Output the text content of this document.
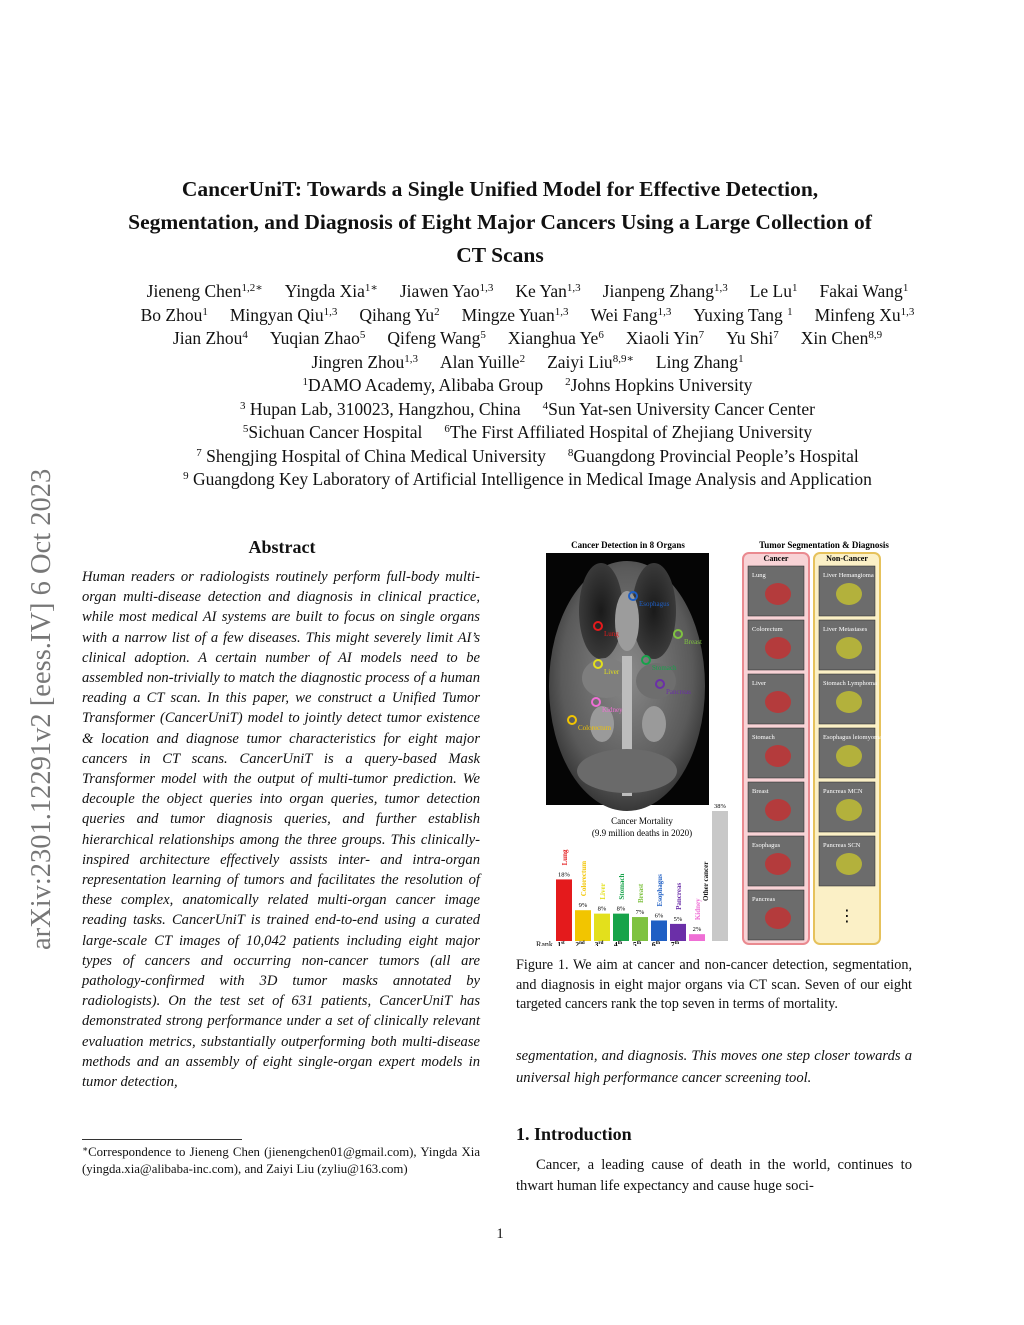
arXiv:2301.12291v2 [eess.IV] 6 Oct 2023
CancerUniT: Towards a Single Unified Model for Effective Detection,
Segmentation, and Diagnosis of Eight Major Cancers Using a Large Collection of
CT Scans
Jieneng Chen$^{1,2∗}$ Yingda Xia$^{1∗}$ Jiawen Yao$^{1,3}$ Ke Yan$^{1,3}$ Jianpeng Zhang$^{1,3}$ Le Lu$^1$ Fakai Wang$^1$
Bo Zhou$^1$ Mingyan Qiu$^{1,3}$ Qihang Yu$^2$ Mingze Yuan$^{1,3}$ Wei Fang$^{1,3}$ Yuxing Tang $^1$ Minfeng Xu$^{1,3}$
Jian Zhou$^4$ Yuqian Zhao$^5$ Qifeng Wang$^5$ Xianghua Ye$^6$ Xiaoli Yin$^7$ Yu Shi$^7$ Xin Chen$^{8,9}$
Jingren Zhou$^{1,3}$ Alan Yuille$^2$ Zaiyi Liu$^{8,9∗}$ Ling Zhang$^1$
$^1$DAMO Academy, Alibaba Group $^2$Johns Hopkins University
$^3$ Hupan Lab, 310023, Hangzhou, China $^4$Sun Yat-sen University Cancer Center
$^5$Sichuan Cancer Hospital $^6$The First Affiliated Hospital of Zhejiang University
$^7$ Shengjing Hospital of China Medical University $^8$Guangdong Provincial People’s Hospital
$^9$ Guangdong Key Laboratory of Artificial Intelligence in Medical Image Analysis and Application
Abstract
Human readers or radiologists routinely perform full-body multi-organ multi-disease detection and diagnosis in clinical practice, while most medical AI systems are built to focus on single organs with a narrow list of a few diseases. This might severely limit AI’s clinical adoption. A certain number of AI models need to be assembled non-trivially to match the diagnostic process of a human reading a CT scan. In this paper, we construct a Unified Tumor Transformer (CancerUniT) model to jointly detect tumor existence & location and diagnose tumor characteristics for eight major cancers in CT scans. CancerUniT is a query-based Mask Transformer model with the output of multi-tumor prediction. We decouple the object queries into organ queries, tumor detection queries and tumor diagnosis queries, and further establish hierarchical relationships among the three groups. This clinically-inspired architecture effectively assists inter- and intra-organ representation learning of tumors and facilitates the resolution of these complex, anatomically related multi-organ cancer image reading tasks. CancerUniT is trained end-to-end using a curated large-scale CT images of 10,042 patients including eight major types of cancers and occurring non-cancer tumors (all are pathology-confirmed with 3D tumor masks annotated by radiologists). On the test set of 631 patients, CancerUniT has demonstrated strong performance under a set of clinically relevant evaluation metrics, substantially outperforming both multi-disease methods and an assembly of eight single-organ expert models in tumor detection,
∗Correspondence to Jieneng Chen (jienengchen01@gmail.com), Yingda Xia (yingda.xia@alibaba-inc.com), and Zaiyi Liu (zyliu@163.com)
Cancer Detection in 8 Organs
Esophagus
Lung
Breast
Stomach
Liver
Pancreas
Kidney
Colorectum
Tumor Segmentation & Diagnosis
Cancer	Non-Cancer
Lung
Colorectum
Liver
Stomach
Breast
Esophagus
Pancreas
Liver Hemangioma
Liver Metastases
Stomach Lymphoma
Esophagus leiomyoma
Pancreas MCN
Pancreas SCN
⋮
Cancer Mortality
(9.9 million deaths in 2020)
Rank
18%
Lung
1st
9%
Colorectum
2nd
8%
Liver
3rd
8%
Stomach
4th
7%
Breast
5th
6%
Esophagus
6th
5%
Pancreas
7th
2%
Kidney
38%
Other cancer
Figure 1. We aim at cancer and non-cancer detection, segmentation, and diagnosis in eight major organs via CT scan. Seven of our eight targeted cancers rank the top seven in terms of mortality.
segmentation, and diagnosis. This moves one step closer towards a universal high performance cancer screening tool.
1. Introduction
Cancer, a leading cause of death in the world, continues to thwart human life expectancy and cause huge soci-
1
